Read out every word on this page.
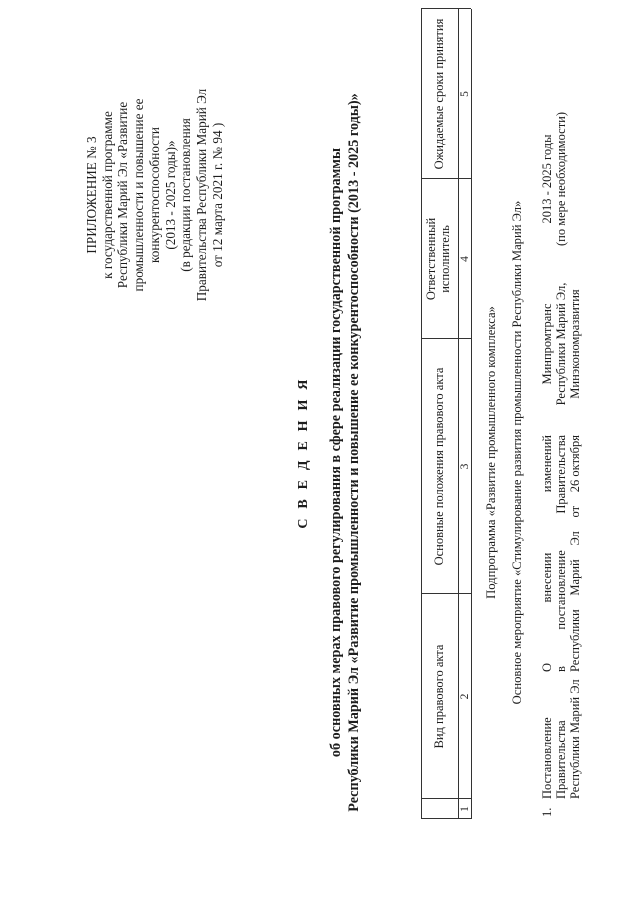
ПРИЛОЖЕНИЕ № 3 к государственной программе Республики Марий Эл «Развитие промышленности и повышение ее конкурентоспособности (2013 - 2025 годы)» (в редакции постановления Правительства Республики Марий Эл от 12 марта 2021 г. № 94 )
С В Е Д Е Н И Я об основных мерах правового регулирования в сфере реализации государственной программы Республики Марий Эл «Развитие промышленности и повышение ее конкурентоспособности (2013 - 2025 годы)»	Вид правового акта
Основные положения правового акта
Ответственный исполнитель
Ожидаемые сроки принятия
1
2
3
4
5
Подпрограмма «Развитие промышленного комплекса» Основное мероприятие «Стимулирование развития промышленности Республики Марий Эл»
1.
Постановление Правительства Республики Марий Эл
О
внесении
изменений
в
постановление
Правительства
Республики
Марий
Эл
от
26 октября
Минпромтранс Республики Марий Эл, Минэкономразвития
2013 - 2025 годы (по мере необходимости)
